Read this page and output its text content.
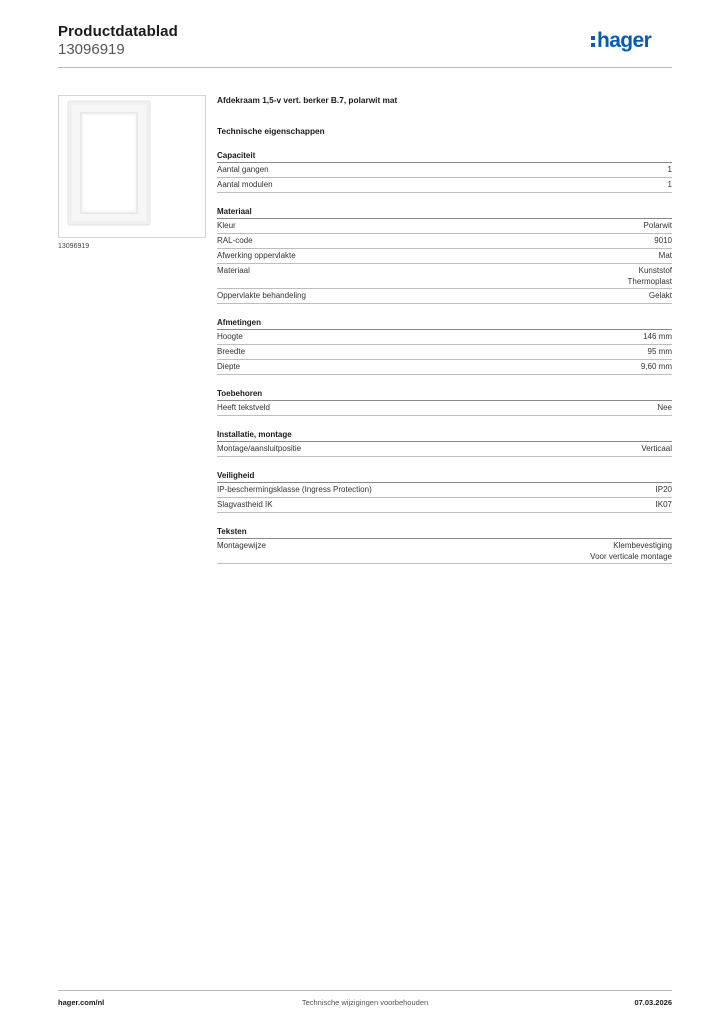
Productdatablad
13096919	hager
13096919
Afdekraam 1,5-v vert. berker B.7, polarwit mat
Technische eigenschappen
Capaciteit
Aantal gangen	1
Aantal modulen	1
Materiaal
Kleur	Polarwit
RAL-code	9010
Afwerking oppervlakte	Mat
Materiaal	Kunststof
Thermoplast
Oppervlakte behandeling	Gelakt
Afmetingen
Hoogte	146 mm
Breedte	95 mm
Diepte	9,60 mm
Toebehoren
Heeft tekstveld	Nee
Installatie, montage
Montage/aansluitpositie	Verticaal
Veiligheid
IP-beschermingsklasse (Ingress Protection)	IP20
Slagvastheid IK	IK07
Teksten
Montagewijze	Klembevestiging
Voor verticale montage
Technische wijzigingen voorbehouden
hager.com/nl	07.03.2026
